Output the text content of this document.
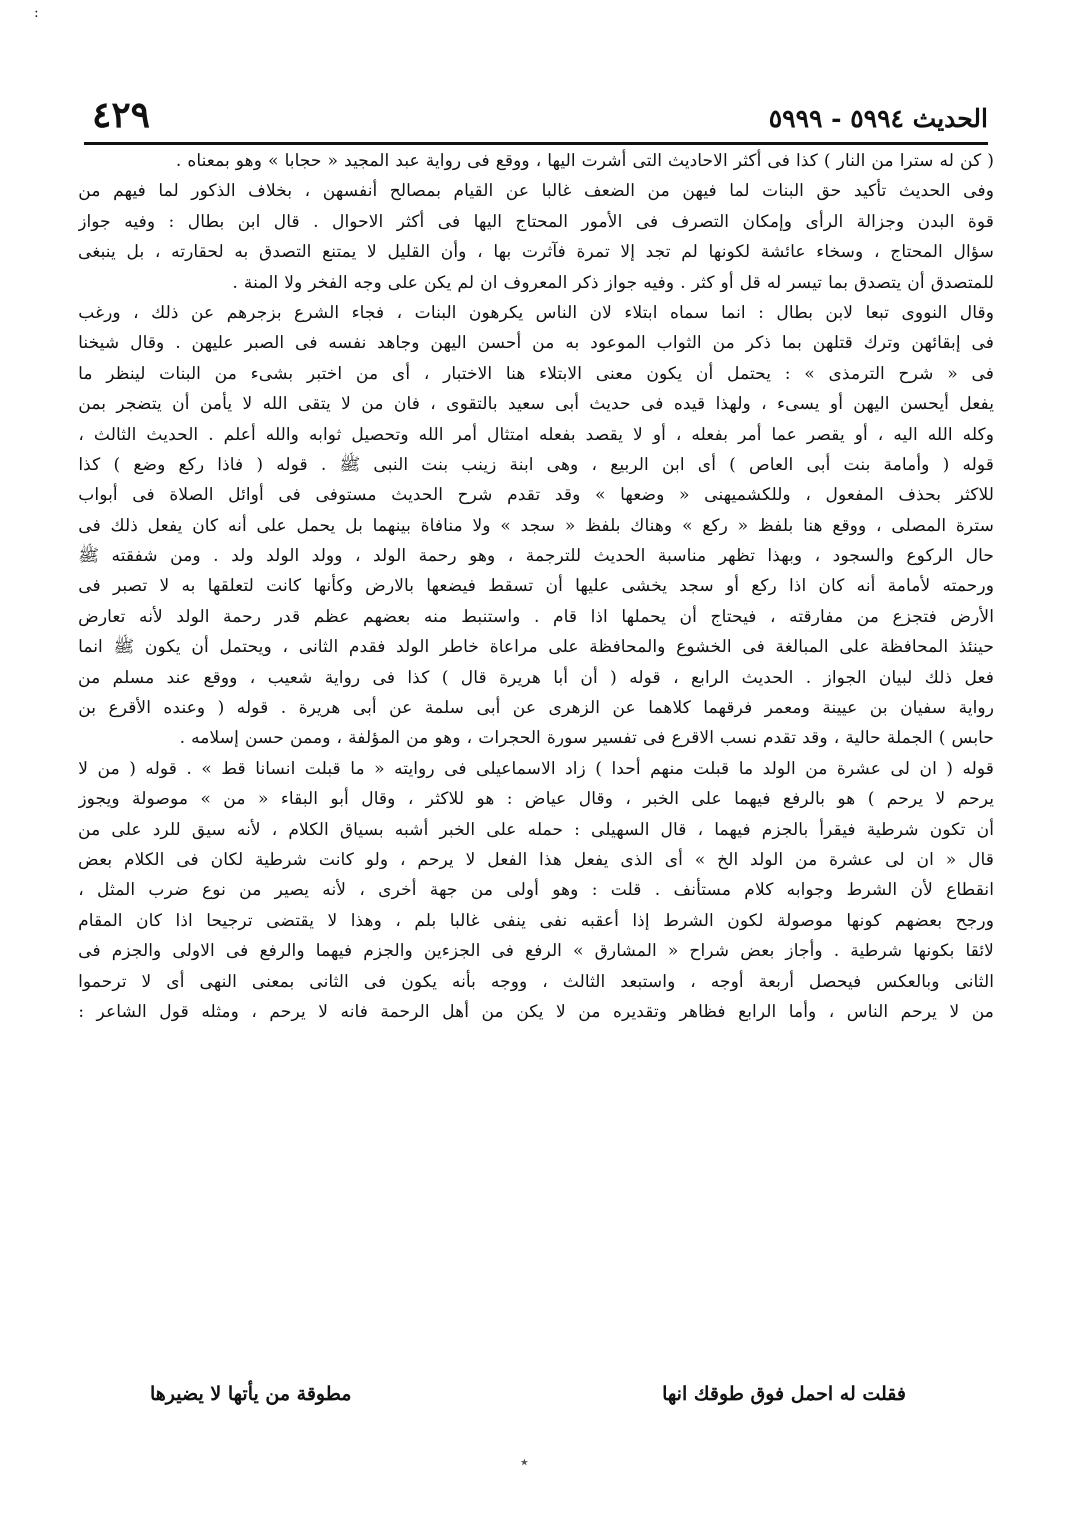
:
الحديث ٥٩٩٤ - ٥٩٩٩
٤٢٩
(
كن
له
سترا
من
النار
)
كذا
فى
أكثر
الاحاديث
التى
أشرت
اليها
،
ووقع
فى
رواية
عبد
المجيد
«
حجابا
»
وهو
بمعناه
.
وفى
الحديث
تأكيد
حق
البنات
لما
فيهن
من
الضعف
غالبا
عن
القيام
بمصالح
أنفسهن
،
بخلاف
الذكور
لما
فيهم
من
قوة
البدن
وجزالة
الرأى
وإمكان
التصرف
فى
الأمور
المحتاج
اليها
فى
أكثر
الاحوال
.
قال
ابن
بطال
:
وفيه
جواز
سؤال
المحتاج
،
وسخاء
عائشة
لكونها
لم
تجد
إلا
تمرة
فآثرت
بها
،
وأن
القليل
لا
يمتنع
التصدق
به
لحقارته
،
بل
ينبغى
للمتصدق
أن
يتصدق
بما
تيسر
له
قل
أو
كثر
.
وفيه
جواز
ذكر
المعروف
ان
لم
يكن
على
وجه
الفخر
ولا
المنة
.
وقال
النووى
تبعا
لابن
بطال
:
انما
سماه
ابتلاء
لان
الناس
يكرهون
البنات
،
فجاء
الشرع
بزجرهم
عن
ذلك
،
ورغب
فى
إبقائهن
وترك
قتلهن
بما
ذكر
من
الثواب
الموعود
به
من
أحسن
اليهن
وجاهد
نفسه
فى
الصبر
عليهن
.
وقال
شيخنا
فى
«
شرح
الترمذى
»
:
يحتمل
أن
يكون
معنى
الابتلاء
هنا
الاختبار
،
أى
من
اختبر
بشىء
من
البنات
لينظر
ما
يفعل
أيحسن
اليهن
أو
يسىء
،
ولهذا
قيده
فى
حديث
أبى
سعيد
بالتقوى
،
فان
من
لا
يتقى
الله
لا
يأمن
أن
يتضجر
بمن
وكله
الله
اليه
،
أو
يقصر
عما
أمر
بفعله
،
أو
لا
يقصد
بفعله
امتثال
أمر
الله
وتحصيل
ثوابه
والله
أعلم
.
الحديث
الثالث
،
قوله
(
وأمامة
بنت
أبى
العاص
)
أى
ابن
الربيع
،
وهى
ابنة
زينب
بنت
النبى
ﷺ
.
قوله
(
فاذا
ركع
وضع
)
كذا
للاكثر
بحذف
المفعول
،
وللكشميهنى
«
وضعها
»
وقد
تقدم
شرح
الحديث
مستوفى
فى
أوائل
الصلاة
فى
أبواب
سترة
المصلى
،
ووقع
هنا
بلفظ
«
ركع
»
وهناك
بلفظ
«
سجد
»
ولا
منافاة
بينهما
بل
يحمل
على
أنه
كان
يفعل
ذلك
فى
حال
الركوع
والسجود
،
وبهذا
تظهر
مناسبة
الحديث
للترجمة
،
وهو
رحمة
الولد
،
وولد
الولد
ولد
.
ومن
شفقته
ﷺ
ورحمته
لأمامة
أنه
كان
اذا
ركع
أو
سجد
يخشى
عليها
أن
تسقط
فيضعها
بالارض
وكأنها
كانت
لتعلقها
به
لا
تصبر
فى
الأرض
فتجزع
من
مفارقته
،
فيحتاج
أن
يحملها
اذا
قام
.
واستنبط
منه
بعضهم
عظم
قدر
رحمة
الولد
لأنه
تعارض
حينئذ
المحافظة
على
المبالغة
فى
الخشوع
والمحافظة
على
مراعاة
خاطر
الولد
فقدم
الثانى
،
ويحتمل
أن
يكون
ﷺ
انما
فعل
ذلك
لبيان
الجواز
.
الحديث
الرابع
،
قوله
(
أن
أبا
هريرة
قال
)
كذا
فى
رواية
شعيب
،
ووقع
عند
مسلم
من
رواية
سفيان
بن
عيينة
ومعمر
فرقهما
كلاهما
عن
الزهرى
عن
أبى
سلمة
عن
أبى
هريرة
.
قوله
(
وعنده
الأقرع
بن
حابس
)
الجملة
حالية
،
وقد
تقدم
نسب
الاقرع
فى
تفسير
سورة
الحجرات
،
وهو
من
المؤلفة
،
وممن
حسن
إسلامه
.
قوله
(
ان
لى
عشرة
من
الولد
ما
قبلت
منهم
أحدا
)
زاد
الاسماعيلى
فى
روايته
«
ما
قبلت
انسانا
قط
»
.
قوله
(
من
لا
يرحم
لا
يرحم
)
هو
بالرفع
فيهما
على
الخبر
،
وقال
عياض
:
هو
للاكثر
،
وقال
أبو
البقاء
«
من
»
موصولة
ويجوز
أن
تكون
شرطية
فيقرأ
بالجزم
فيهما
،
قال
السهيلى
:
حمله
على
الخبر
أشبه
بسياق
الكلام
،
لأنه
سيق
للرد
على
من
قال
«
ان
لى
عشرة
من
الولد
الخ
»
أى
الذى
يفعل
هذا
الفعل
لا
يرحم
،
ولو
كانت
شرطية
لكان
فى
الكلام
بعض
انقطاع
لأن
الشرط
وجوابه
كلام
مستأنف
.
قلت
:
وهو
أولى
من
جهة
أخرى
،
لأنه
يصير
من
نوع
ضرب
المثل
،
ورجح
بعضهم
كونها
موصولة
لكون
الشرط
إذا
أعقبه
نفى
ينفى
غالبا
بلم
،
وهذا
لا
يقتضى
ترجيحا
اذا
كان
المقام
لائقا
بكونها
شرطية
.
وأجاز
بعض
شراح
«
المشارق
»
الرفع
فى
الجزءين
والجزم
فيهما
والرفع
فى
الاولى
والجزم
فى
الثانى
وبالعكس
فيحصل
أربعة
أوجه
،
واستبعد
الثالث
،
ووجه
بأنه
يكون
فى
الثانى
بمعنى
النهى
أى
لا
ترحموا
من
لا
يرحم
الناس
،
وأما
الرابع
فظاهر
وتقديره
من
لا
يكن
من
أهل
الرحمة
فانه
لا
يرحم
،
ومثله
قول
الشاعر
:
فقلت له احمل فوق طوقك انها
مطوقة من يأتها لا يضيرها
٭
